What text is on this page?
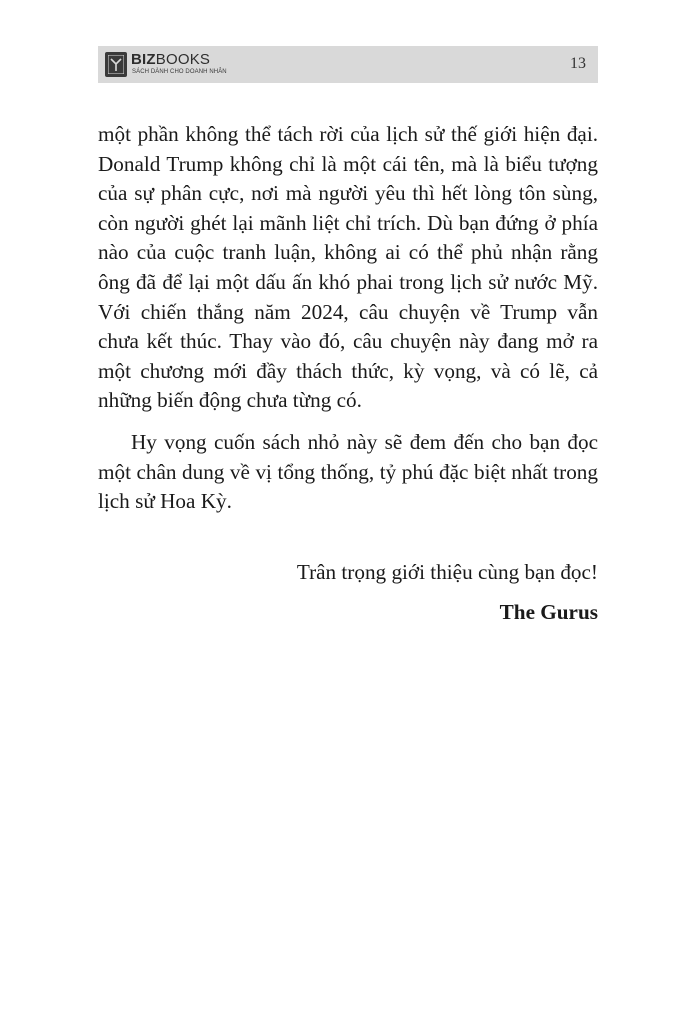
BIZBOOKS
SÁCH DÀNH CHO DOANH NHÂN	13

một phần không thể tách rời của lịch sử thế giới hiện đại. Donald Trump không chỉ là một cái tên, mà là biểu tượng của sự phân cực, nơi mà người yêu thì hết lòng tôn sùng, còn người ghét lại mãnh liệt chỉ trích. Dù bạn đứng ở phía nào của cuộc tranh luận, không ai có thể phủ nhận rằng ông đã để lại một dấu ấn khó phai trong lịch sử nước Mỹ. Với chiến thắng năm 2024, câu chuyện về Trump vẫn chưa kết thúc. Thay vào đó, câu chuyện này đang mở ra một chương mới đầy thách thức, kỳ vọng, và có lẽ, cả những biến động chưa từng có.

Hy vọng cuốn sách nhỏ này sẽ đem đến cho bạn đọc một chân dung về vị tổng thống, tỷ phú đặc biệt nhất trong lịch sử Hoa Kỳ.

Trân trọng giới thiệu cùng bạn đọc!
The Gurus
